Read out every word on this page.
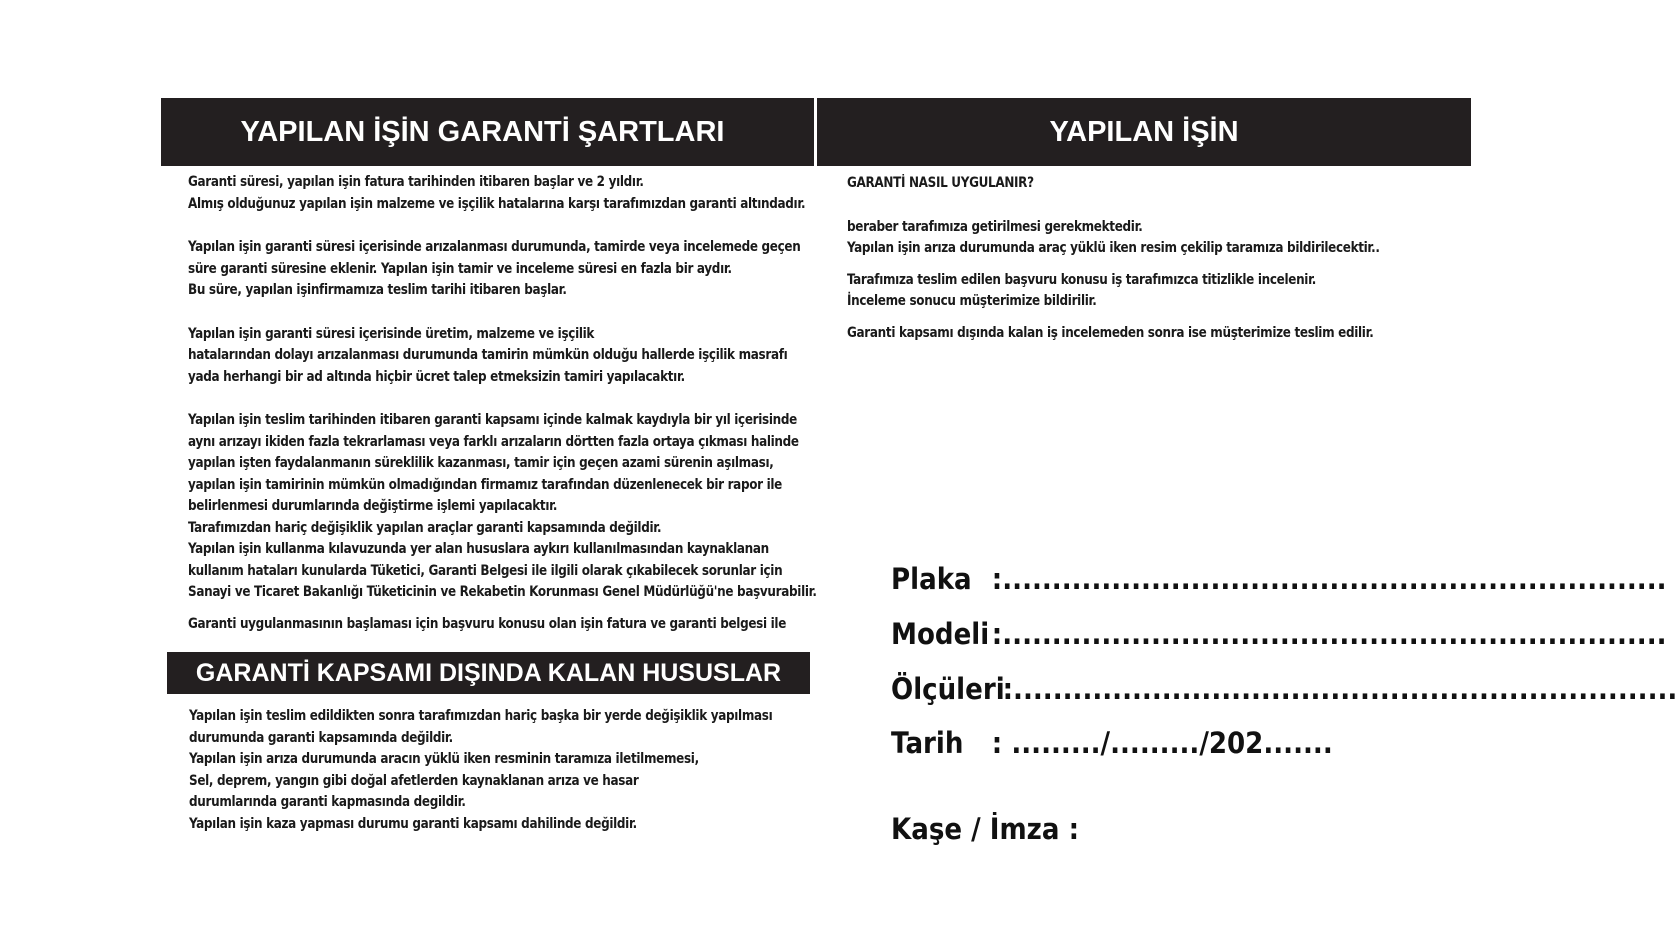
YAPILAN İŞİN GARANTİ ŞARTLARI

Garanti süresi, yapılan işin fatura tarihinden itibaren başlar ve 2 yıldır.

Almış olduğunuz yapılan işin malzeme ve işçilik hatalarına karşı tarafımızdan garanti altındadır.

Yapılan işin garanti süresi içerisinde arızalanması durumunda, tamirde veya incelemede geçen

süre garanti süresine eklenir. Yapılan işin tamir ve inceleme süresi en fazla bir aydır.

Bu süre, yapılan işinfirmamıza teslim tarihi itibaren başlar.

Yapılan işin garanti süresi içerisinde üretim, malzeme ve işçilik

hatalarından dolayı arızalanması durumunda tamirin mümkün olduğu hallerde işçilik masrafı

yada herhangi bir ad altında hiçbir ücret talep etmeksizin tamiri yapılacaktır.

Yapılan işin teslim tarihinden itibaren garanti kapsamı içinde kalmak kaydıyla bir yıl içerisinde

aynı arızayı ikiden fazla tekrarlaması veya farklı arızaların dörtten fazla ortaya çıkması halinde

yapılan işten faydalanmanın süreklilik kazanması, tamir için geçen azami sürenin aşılması,

yapılan işin tamirinin mümkün olmadığından firmamız tarafından düzenlenecek bir rapor ile

belirlenmesi durumlarında değiştirme işlemi yapılacaktır.

Tarafımızdan hariç değişiklik yapılan araçlar garanti kapsamında değildir.

Yapılan işin kullanma kılavuzunda yer alan hususlara aykırı kullanılmasından kaynaklanan

kullanım hataları kunularda Tüketici, Garanti Belgesi ile ilgili olarak çıkabilecek sorunlar için

Sanayi ve Ticaret Bakanlığı Tüketicinin ve Rekabetin Korunması Genel Müdürlüğü'ne başvurabilir.

Garanti uygulanmasının başlaması için başvuru konusu olan işin fatura ve garanti belgesi ile

GARANTİ KAPSAMI DIŞINDA KALAN HUSUSLAR

Yapılan işin teslim edildikten sonra tarafımızdan hariç başka bir yerde değişiklik yapılması

durumunda garanti kapsamında değildir.

Yapılan işin arıza durumunda aracın yüklü iken resminin taramıza iletilmemesi,

Sel, deprem, yangın gibi doğal afetlerden kaynaklanan arıza ve hasar

durumlarında garanti kapmasında degildir.

Yapılan işin kaza yapması durumu garanti kapsamı dahilinde değildir.

YAPILAN İŞİN

GARANTİ NASIL UYGULANIR?

beraber tarafımıza getirilmesi gerekmektedir.

Yapılan işin arıza durumunda araç yüklü iken resim çekilip taramıza bildirilecektir..

Tarafımıza teslim edilen başvuru konusu iş tarafımızca titizlikle incelenir.

İnceleme sonucu müşterimize bildirilir.

Garanti kapsamı dışında kalan iş incelemeden sonra ise müşterimize teslim edilir.

Plaka :...................................................................
Modeli :...................................................................
Ölçüleri
:...................................................................
Tarih : ........./........./202.......
Kaşe / İmza :
